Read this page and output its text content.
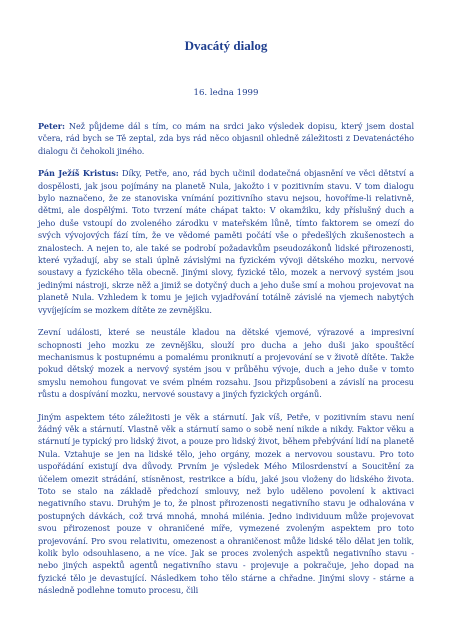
Dvacátý dialog
16. ledna 1999

Peter: Než půjdeme dál s tím, co mám na srdci jako výsledek dopisu, který jsem dostal včera, rád bych se Tě zeptal, zda bys rád něco objasnil ohledně záležitosti z Devatenáctého dialogu či čehokoli jiného.

Pán Ježíš Kristus: Díky, Petře, ano, rád bych učinil dodatečná objasnění ve věci dětství a dospělosti, jak jsou pojímány na planetě Nula, jakožto i v pozitivním stavu. V tom dialogu bylo naznačeno, že ze stanoviska vnímání pozitivního stavu nejsou, hovoříme-li relativně, dětmi, ale dospělými. Toto tvrzení máte chápat takto: V okamžiku, kdy příslušný duch a jeho duše vstoupí do zvoleného zárodku v mateřském lůně, tímto faktorem se omezí do svých vývojových fází tím, že ve vědomé paměti počátí vše o předešlých zkušenostech a znalostech. A nejen to, ale také se podrobí požadavkům pseudozákonů lidské přirozenosti, které vyžadují, aby se stali úplně závislými na fyzickém vývoji dětského mozku, nervové soustavy a fyzického těla obecně. Jinými slovy, fyzické tělo, mozek a nervový systém jsou jedinými nástroji, skrze něž a jimiž se dotyčný duch a jeho duše smí a mohou projevovat na planetě Nula. Vzhledem k tomu je jejich vyjadřování totálně závislé na vjemech nabytých vyvíjejícím se mozkem dítěte ze zevnějšku.

Zevní události, které se neustále kladou na dětské vjemové, výrazové a impresivní schopnosti jeho mozku ze zevnějšku, slouží pro ducha a jeho duši jako spouštěcí mechanismus k postupnému a pomalému proniknutí a projevování se v životě dítěte. Takže pokud dětský mozek a nervový systém jsou v průběhu vývoje, duch a jeho duše v tomto smyslu nemohou fungovat ve svém plném rozsahu. Jsou přizpůsobeni a závislí na procesu růstu a dospívání mozku, nervové soustavy a jiných fyzických orgánů.

Jiným aspektem této záležitosti je věk a stárnutí. Jak víš, Petře, v pozitivním stavu není žádný věk a stárnutí. Vlastně věk a stárnutí samo o sobě není nikde a nikdy. Faktor věku a stárnutí je typický pro lidský život, a pouze pro lidský život, během přebývání lidí na planetě Nula. Vztahuje se jen na lidské tělo, jeho orgány, mozek a nervovou soustavu. Pro toto uspořádání existují dva důvody. Prvním je výsledek Mého Milosrdenství a Soucitění za účelem omezit strádání, stísněnost, restrikce a bídu, jaké jsou vloženy do lidského života. Toto se stalo na základě předchozí smlouvy, než bylo uděleno povolení k aktivaci negativního stavu. Druhým je to, že plnost přirozenosti negativního stavu je odhalována v postupných dávkách, což trvá mnohá, mnohá milénia. Jedno individuum může projevovat svou přirozenost pouze v ohraničené míře, vymezené zvoleným aspektem pro toto projevování. Pro svou relativitu, omezenost a ohraničenost může lidské tělo dělat jen tolik, kolik bylo odsouhlaseno, a ne více. Jak se proces zvolených aspektů negativního stavu - nebo jiných aspektů agentů negativního stavu - projevuje a pokračuje, jeho dopad na fyzické tělo je devastující. Následkem toho tělo stárne a chřadne. Jinými slovy - stárne a následně podlehne tomuto procesu, čili
